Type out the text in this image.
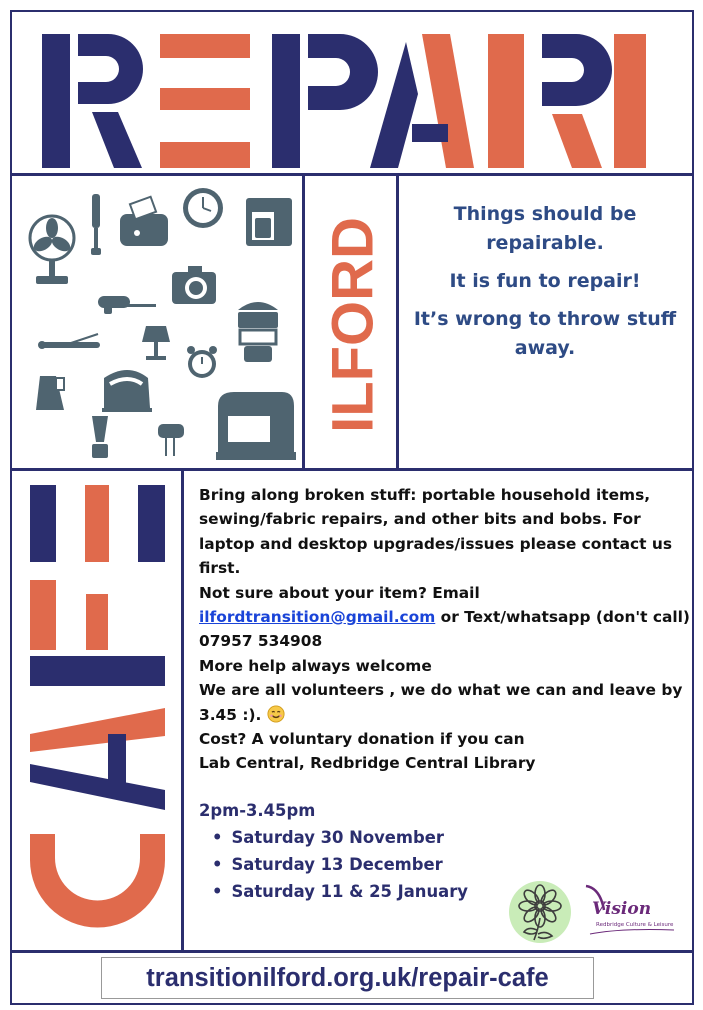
ILFORD

Things should be repairable.

It is fun to repair!

It’s wrong to throw stuff away.

Bring along broken stuff: portable household items, sewing/fabric repairs, and other bits and bobs. For laptop and desktop upgrades/issues please contact us first.
Not sure about your item? Email
ilfordtransition@gmail.com or Text/whatsapp (don't call) 07957 534908
More help always welcome
We are all volunteers , we do what we can and leave by 3.45 :).
Cost? A voluntary donation if you can
Lab Central, Redbridge Central Library
2pm-3.45pm
• Saturday 30 November
• Saturday 13 December
• Saturday 11 & 25 January
Vision
Redbridge Culture & Leisure
transitionilford.org.uk/repair-cafe
